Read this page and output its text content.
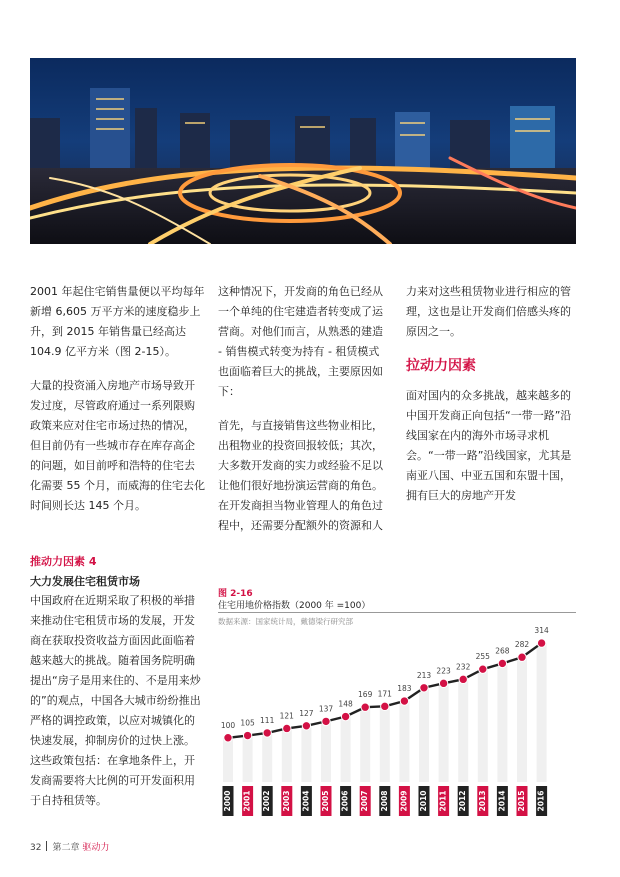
2001 年起住宅销售量便以平均每年新增 6,605 万平方米的速度稳步上升，到 2015 年销售量已经高达 104.9 亿平方米（图 2-15）。

大量的投资涌入房地产市场导致开发过度，尽管政府通过一系列限购政策来应对住宅市场过热的情况，但目前仍有一些城市存在库存高企的问题，如目前呼和浩特的住宅去化需要 55 个月，而威海的住宅去化时间则长达 145 个月。

推动力因素 4
大力发展住宅租赁市场

中国政府在近期采取了积极的举措来推动住宅租赁市场的发展，开发商在获取投资收益方面因此面临着越来越大的挑战。随着国务院明确提出“房子是用来住的、不是用来炒的”的观点，中国各大城市纷纷推出严格的调控政策，以应对城镇化的快速发展，抑制房价的过快上涨。这些政策包括：在拿地条件上，开发商需要将大比例的可开发面积用于自持租赁等。

这种情况下，开发商的角色已经从一个单纯的住宅建造者转变成了运营商。对他们而言，从熟悉的建造 - 销售模式转变为持有 - 租赁模式也面临着巨大的挑战，主要原因如下：

首先，与直接销售这些物业相比，出租物业的投资回报较低；其次，大多数开发商的实力或经验不足以让他们很好地扮演运营商的角色。在开发商担当物业管理人的角色过程中，还需要分配额外的资源和人

力来对这些租赁物业进行相应的管理，这也是让开发商们倍感头疼的原因之一。

拉动力因素

面对国内的众多挑战，越来越多的中国开发商正向包括“一带一路”沿线国家在内的海外市场寻求机会。“一带一路”沿线国家，尤其是南亚八国、中亚五国和东盟十国，拥有巨大的房地产开发

图 2-16
住宅用地价格指数（2000 年 =100）
数据来源：国家统计局，戴德梁行研究部
100 105 111 121 127 137
148
169 171
183
213 223 232
255
268
282
314
2000 2001 2002 2003 2004 2005 2006 2007 2008 2009 2010 2011 2012 2013 2014 2015 2016
32 第二章 驱动力
